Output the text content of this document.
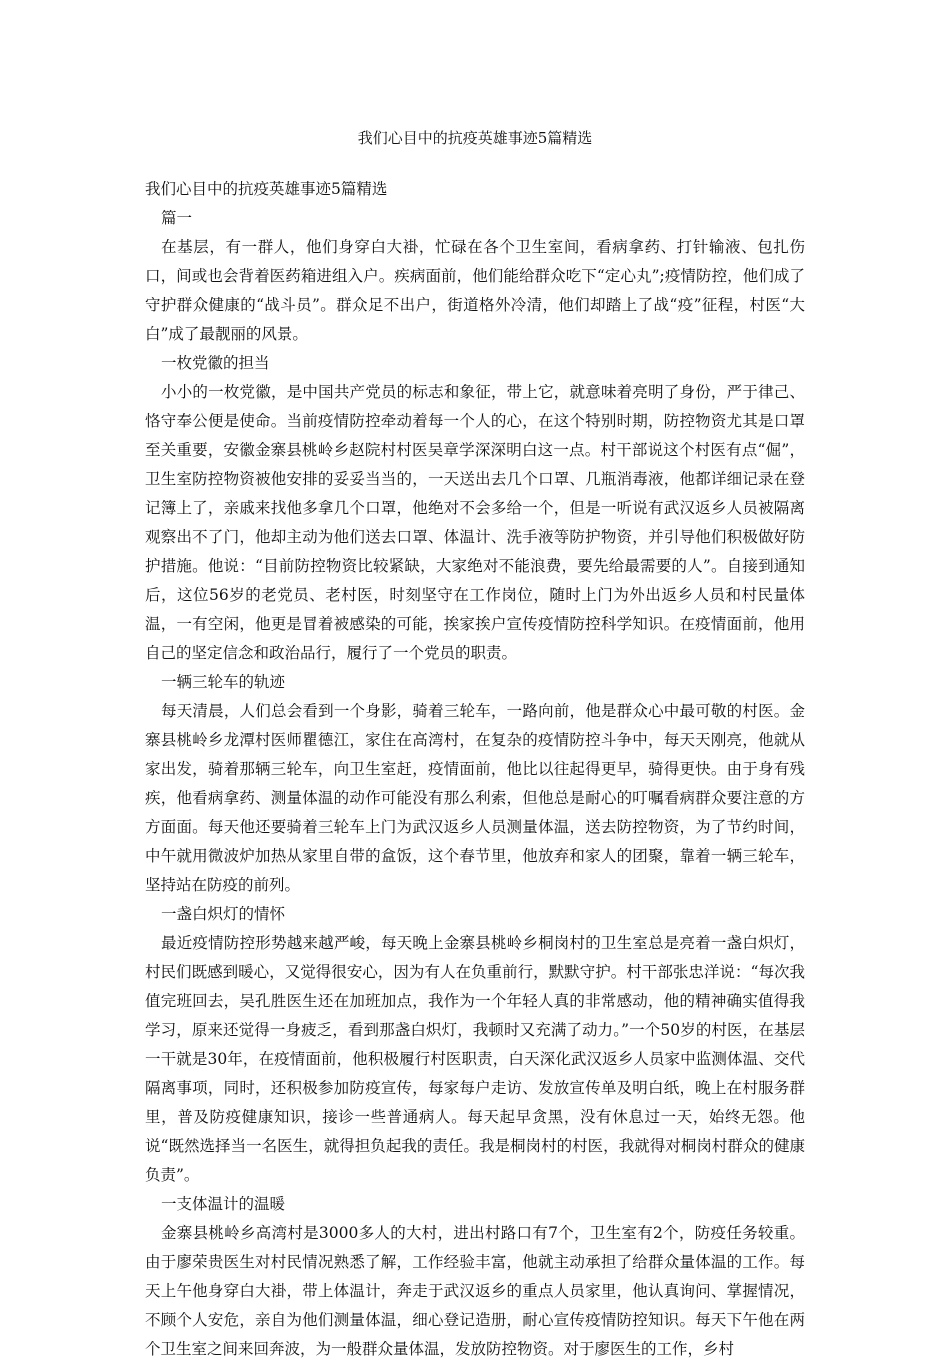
我们心目中的抗疫英雄事迹5篇精选

我们心目中的抗疫英雄事迹5篇精选

篇一

在基层，有一群人，他们身穿白大褂，忙碌在各个卫生室间，看病拿药、打针输液、包扎伤口，间或也会背着医药箱进组入户。疾病面前，他们能给群众吃下“定心丸”;疫情防控，他们成了守护群众健康的“战斗员”。群众足不出户，街道格外冷清，他们却踏上了战“疫”征程，村医“大白”成了最靓丽的风景。

一枚党徽的担当

小小的一枚党徽，是中国共产党员的标志和象征，带上它，就意味着亮明了身份，严于律己、恪守奉公便是使命。当前疫情防控牵动着每一个人的心，在这个特别时期，防控物资尤其是口罩至关重要，安徽金寨县桃岭乡赵院村村医吴章学深深明白这一点。村干部说这个村医有点“倔”，卫生室防控物资被他安排的妥妥当当的，一天送出去几个口罩、几瓶消毒液，他都详细记录在登记簿上了，亲戚来找他多拿几个口罩，他绝对不会多给一个，但是一听说有武汉返乡人员被隔离观察出不了门，他却主动为他们送去口罩、体温计、洗手液等防护物资，并引导他们积极做好防护措施。他说：“目前防控物资比较紧缺，大家绝对不能浪费，要先给最需要的人”。自接到通知后，这位56岁的老党员、老村医，时刻坚守在工作岗位，随时上门为外出返乡人员和村民量体温，一有空闲，他更是冒着被感染的可能，挨家挨户宣传疫情防控科学知识。在疫情面前，他用自己的坚定信念和政治品行，履行了一个党员的职责。

一辆三轮车的轨迹

每天清晨，人们总会看到一个身影，骑着三轮车，一路向前，他是群众心中最可敬的村医。金寨县桃岭乡龙潭村医师瞿德江，家住在高湾村，在复杂的疫情防控斗争中，每天天刚亮，他就从家出发，骑着那辆三轮车，向卫生室赶，疫情面前，他比以往起得更早，骑得更快。由于身有残疾，他看病拿药、测量体温的动作可能没有那么利索，但他总是耐心的叮嘱看病群众要注意的方方面面。每天他还要骑着三轮车上门为武汉返乡人员测量体温，送去防控物资，为了节约时间，中午就用微波炉加热从家里自带的盒饭，这个春节里，他放弃和家人的团聚，靠着一辆三轮车，坚持站在防疫的前列。

一盏白炽灯的情怀

最近疫情防控形势越来越严峻，每天晚上金寨县桃岭乡桐岗村的卫生室总是亮着一盏白炽灯，村民们既感到暖心，又觉得很安心，因为有人在负重前行，默默守护。村干部张忠洋说：“每次我值完班回去，吴孔胜医生还在加班加点，我作为一个年轻人真的非常感动，他的精神确实值得我学习，原来还觉得一身疲乏，看到那盏白炽灯，我顿时又充满了动力。”一个50岁的村医，在基层一干就是30年，在疫情面前，他积极履行村医职责，白天深化武汉返乡人员家中监测体温、交代隔离事项，同时，还积极参加防疫宣传，每家每户走访、发放宣传单及明白纸，晚上在村服务群里，普及防疫健康知识，接诊一些普通病人。每天起早贪黑，没有休息过一天，始终无怨。他说“既然选择当一名医生，就得担负起我的责任。我是桐岗村的村医，我就得对桐岗村群众的健康负责”。

一支体温计的温暖

金寨县桃岭乡高湾村是3000多人的大村，进出村路口有7个，卫生室有2个，防疫任务较重。由于廖荣贵医生对村民情况熟悉了解，工作经验丰富，他就主动承担了给群众量体温的工作。每天上午他身穿白大褂，带上体温计，奔走于武汉返乡的重点人员家里，他认真询问、掌握情况，不顾个人安危，亲自为他们测量体温，细心登记造册，耐心宣传疫情防控知识。每天下午他在两个卫生室之间来回奔波，为一般群众量体温，发放防控物资。对于廖医生的工作，乡村
